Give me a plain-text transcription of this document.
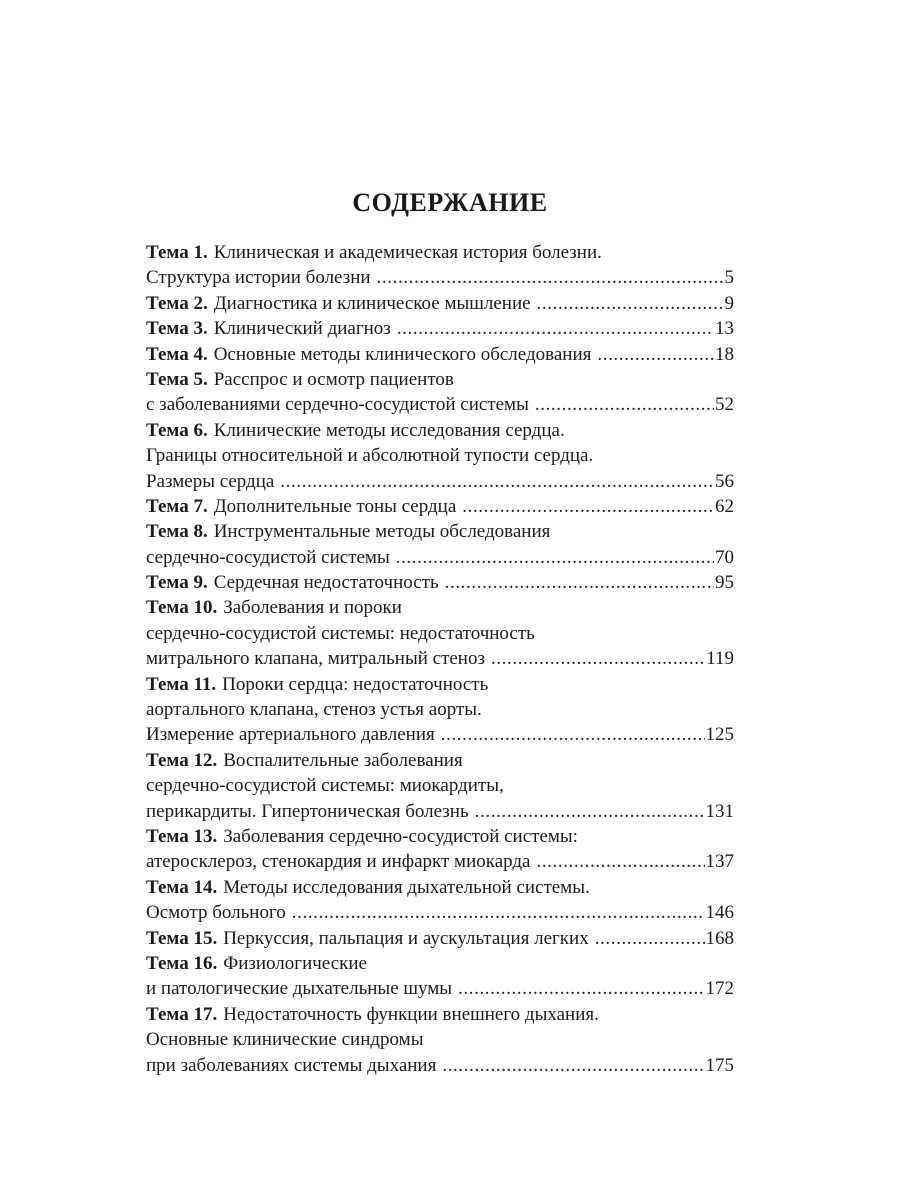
СОДЕРЖАНИЕ
Тема 1. Клиническая и академическая история болезни.
Структура истории болезни .....	5
Тема 2. Диагностика и клиническое мышление .....	9
Тема 3. Клинический диагноз .....	13
Тема 4. Основные методы клинического обследования .....	18
Тема 5. Расспрос и осмотр пациентов
с заболеваниями сердечно-сосудистой системы .....	52
Тема 6. Клинические методы исследования сердца.
Границы относительной и абсолютной тупости сердца.
Размеры сердца .....	56
Тема 7. Дополнительные тоны сердца .....	62
Тема 8. Инструментальные методы обследования
сердечно-сосудистой системы .....	70
Тема 9. Сердечная недостаточность .....	95
Тема 10. Заболевания и пороки
сердечно-сосудистой системы: недостаточность
митрального клапана, митральный стеноз .....	119
Тема 11. Пороки сердца: недостаточность
аортального клапана, стеноз устья аорты.
Измерение артериального давления .....	125
Тема 12. Воспалительные заболевания
сердечно-сосудистой системы: миокардиты,
перикардиты. Гипертоническая болезнь .....	131
Тема 13. Заболевания сердечно-сосудистой системы:
атеросклероз, стенокардия и инфаркт миокарда .....	137
Тема 14. Методы исследования дыхательной системы.
Осмотр больного .....	146
Тема 15. Перкуссия, пальпация и аускультация легких .....	168
Тема 16. Физиологические
и патологические дыхательные шумы .....	172
Тема 17. Недостаточность функции внешнего дыхания.
Основные клинические синдромы
при заболеваниях системы дыхания .....	175
